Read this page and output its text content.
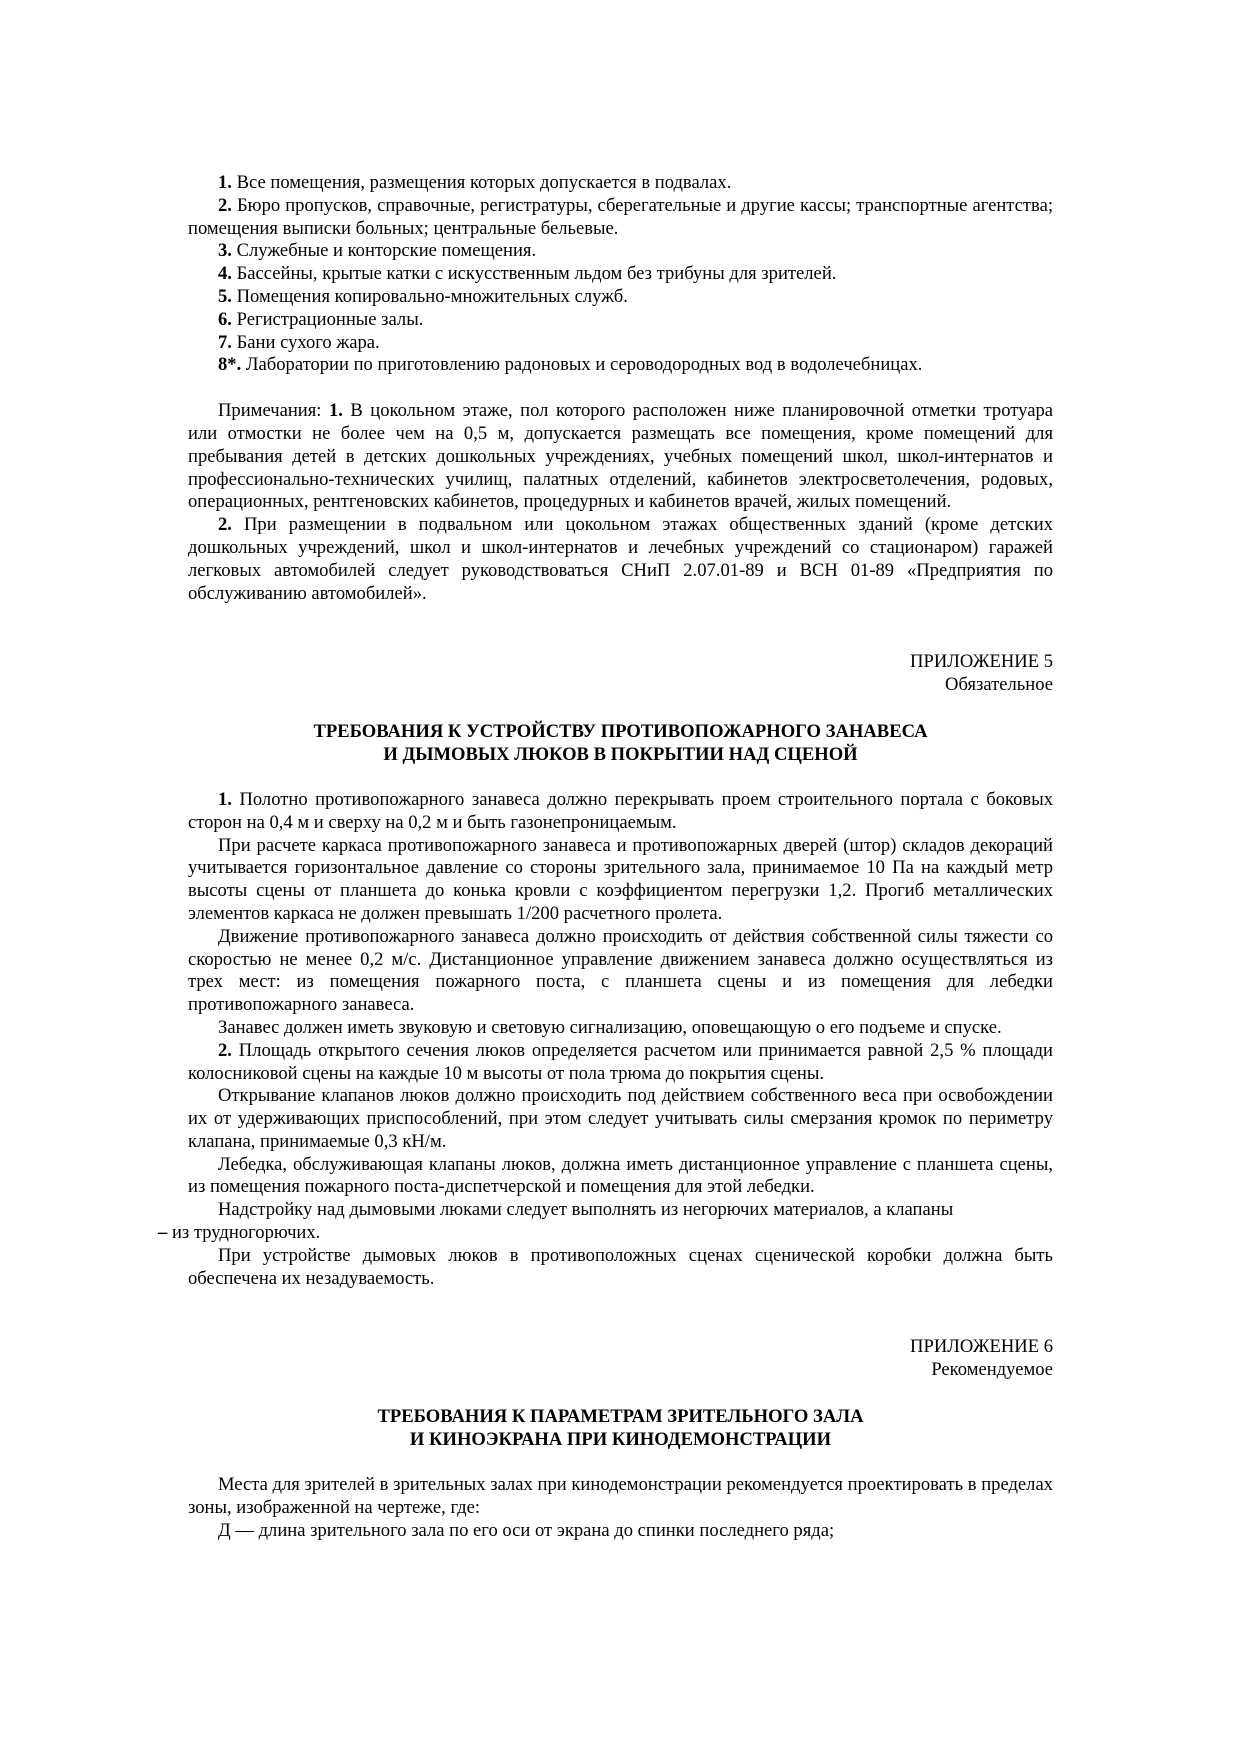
1. Все помещения, размещения которых допускается в подвалах.

2. Бюро пропусков, справочные, регистратуры, сберегательные и другие кассы; транспортные агентства; помещения выписки больных; центральные бельевые.

3. Служебные и конторские помещения.

4. Бассейны, крытые катки с искусственным льдом без трибуны для зрителей.

5. Помещения копировально-множительных служб.

6. Регистрационные залы.

7. Бани сухого жара.

8*. Лаборатории по приготовлению радоновых и сероводородных вод в водолечебницах.

Примечания: 1. В цокольном этаже, пол которого расположен ниже планировочной отметки тротуара или отмостки не более чем на 0,5 м, допускается размещать все помещения, кроме помещений для пребывания детей в детских дошкольных учреждениях, учебных помещений школ, школ-интернатов и профессионально-технических училищ, палатных отделений, кабинетов электросветолечения, родовых, операционных, рентгеновских кабинетов, процедурных и кабинетов врачей, жилых помещений.

2. При размещении в подвальном или цокольном этажах общественных зданий (кроме детских дошкольных учреждений, школ и школ-интернатов и лечебных учреждений со стационаром) гаражей легковых автомобилей следует руководствоваться СНиП 2.07.01-89 и ВСН 01-89 «Предприятия по обслуживанию автомобилей».

ПРИЛОЖЕНИЕ 5

Обязательное

ТРЕБОВАНИЯ К УСТРОЙСТВУ ПРОТИВОПОЖАРНОГО ЗАНАВЕСА

И ДЫМОВЫХ ЛЮКОВ В ПОКРЫТИИ НАД СЦЕНОЙ

1. Полотно противопожарного занавеса должно перекрывать проем строительного портала с боковых сторон на 0,4 м и сверху на 0,2 м и быть газонепроницаемым.

При расчете каркаса противопожарного занавеса и противопожарных дверей (штор) складов декораций учитывается горизонтальное давление со стороны зрительного зала, принимаемое 10 Па на каждый метр высоты сцены от планшета до конька кровли с коэффициентом перегрузки 1,2. Прогиб металлических элементов каркаса не должен превышать 1/200 расчетного пролета.

Движение противопожарного занавеса должно происходить от действия собственной силы тяжести со скоростью не менее 0,2 м/с. Дистанционное управление движением занавеса должно осуществляться из трех мест: из помещения пожарного поста, с планшета сцены и из помещения для лебедки противопожарного занавеса.

Занавес должен иметь звуковую и световую сигнализацию, оповещающую о его подъеме и спуске.

2. Площадь открытого сечения люков определяется расчетом или принимается равной 2,5 % площади колосниковой сцены на каждые 10 м высоты от пола трюма до покрытия сцены.

Открывание клапанов люков должно происходить под действием собственного веса при освобождении их от удерживающих приспособлений, при этом следует учитывать силы смерзания кромок по периметру клапана, принимаемые 0,3 кН/м.

Лебедка, обслуживающая клапаны люков, должна иметь дистанционное управление с планшета сцены, из помещения пожарного поста-диспетчерской и помещения для этой лебедки.

Надстройку над дымовыми люками следует выполнять из негорючих материалов, а клапаны
– из трудногорючих.

При устройстве дымовых люков в противоположных сценах сценической коробки должна быть обеспечена их незадуваемость.

ПРИЛОЖЕНИЕ 6

Рекомендуемое

ТРЕБОВАНИЯ К ПАРАМЕТРАМ ЗРИТЕЛЬНОГО ЗАЛА

И КИНОЭКРАНА ПРИ КИНОДЕМОНСТРАЦИИ

Места для зрителей в зрительных залах при кинодемонстрации рекомендуется проектировать в пределах зоны, изображенной на чертеже, где:

Д — длина зрительного зала по его оси от экрана до спинки последнего ряда;
